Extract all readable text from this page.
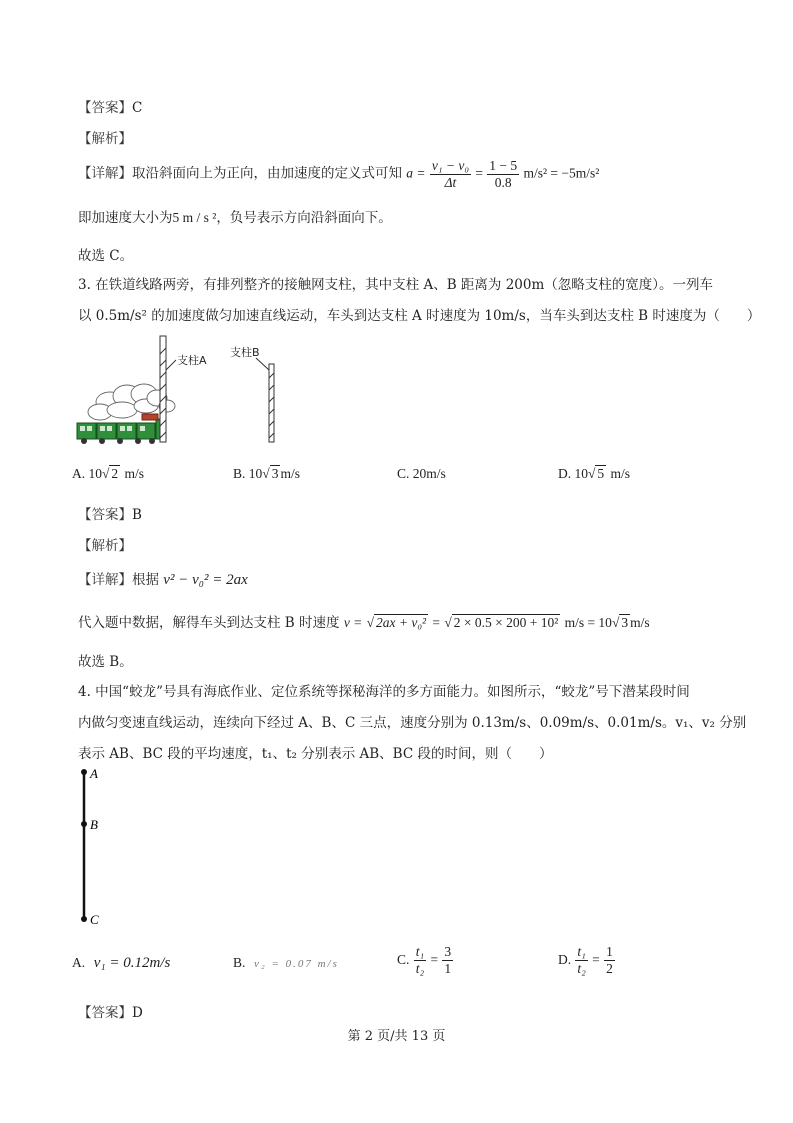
【答案】C
【解析】
【详解】取沿斜面向上为正向，由加速度的定义式可知 $a = \frac{\text{v₁ − v₀}}{\Delta t} = \frac{1 - 5}{0.8} m/s^2 = -5m/s^2$
即加速度大小为5 m / s ²，负号表示方向沿斜面向下。
故选 C。
3. 在铁道线路两旁，有排列整齐的接触网支柱，其中支柱 A、B 距离为 200m（忽略支柱的宽度）。一列车
以 0.5m/s² 的加速度做匀加速直线运动，车头到达支柱 A 时速度为 10m/s，当车头到达支柱 B 时速度为（　　）
支柱A
支柱B
A. 10√ 2 m/s	B. 10√ 3 m/s	C. 20m/s	D. 10√ 5 m/s
【答案】B
【解析】
【详解】根据 v² − v₀² = 2ax
代入题中数据，解得车头到达支柱 B 时速度 v = √ 2ax + v₀² = √ 2 × 0.5 × 200 + 10² m/s = 10√ 3 m/s
故选 B。
4. 中国“蛟龙”号具有海底作业、定位系统等探秘海洋的多方面能力。如图所示，“蛟龙”号下潜某段时间
内做匀变速直线运动，连续向下经过 A、B、C 三点，速度分别为 0.13m/s、0.09m/s、0.01m/s。v₁、v₂ 分别
表示 AB、BC 段的平均速度，t₁、t₂ 分别表示 AB、BC 段的时间，则（　　）
A
B
C
A. v₁ = 0.12m/s	B. v₂ = 0.07 m/s	C. $\frac{\text{t₁}}{\text{t₂}} = \frac{3}{1}$	D. $\frac{\text{t₁}}{\text{t₂}} = \frac{1}{2}$
【答案】D
第 2 页/共 13 页
